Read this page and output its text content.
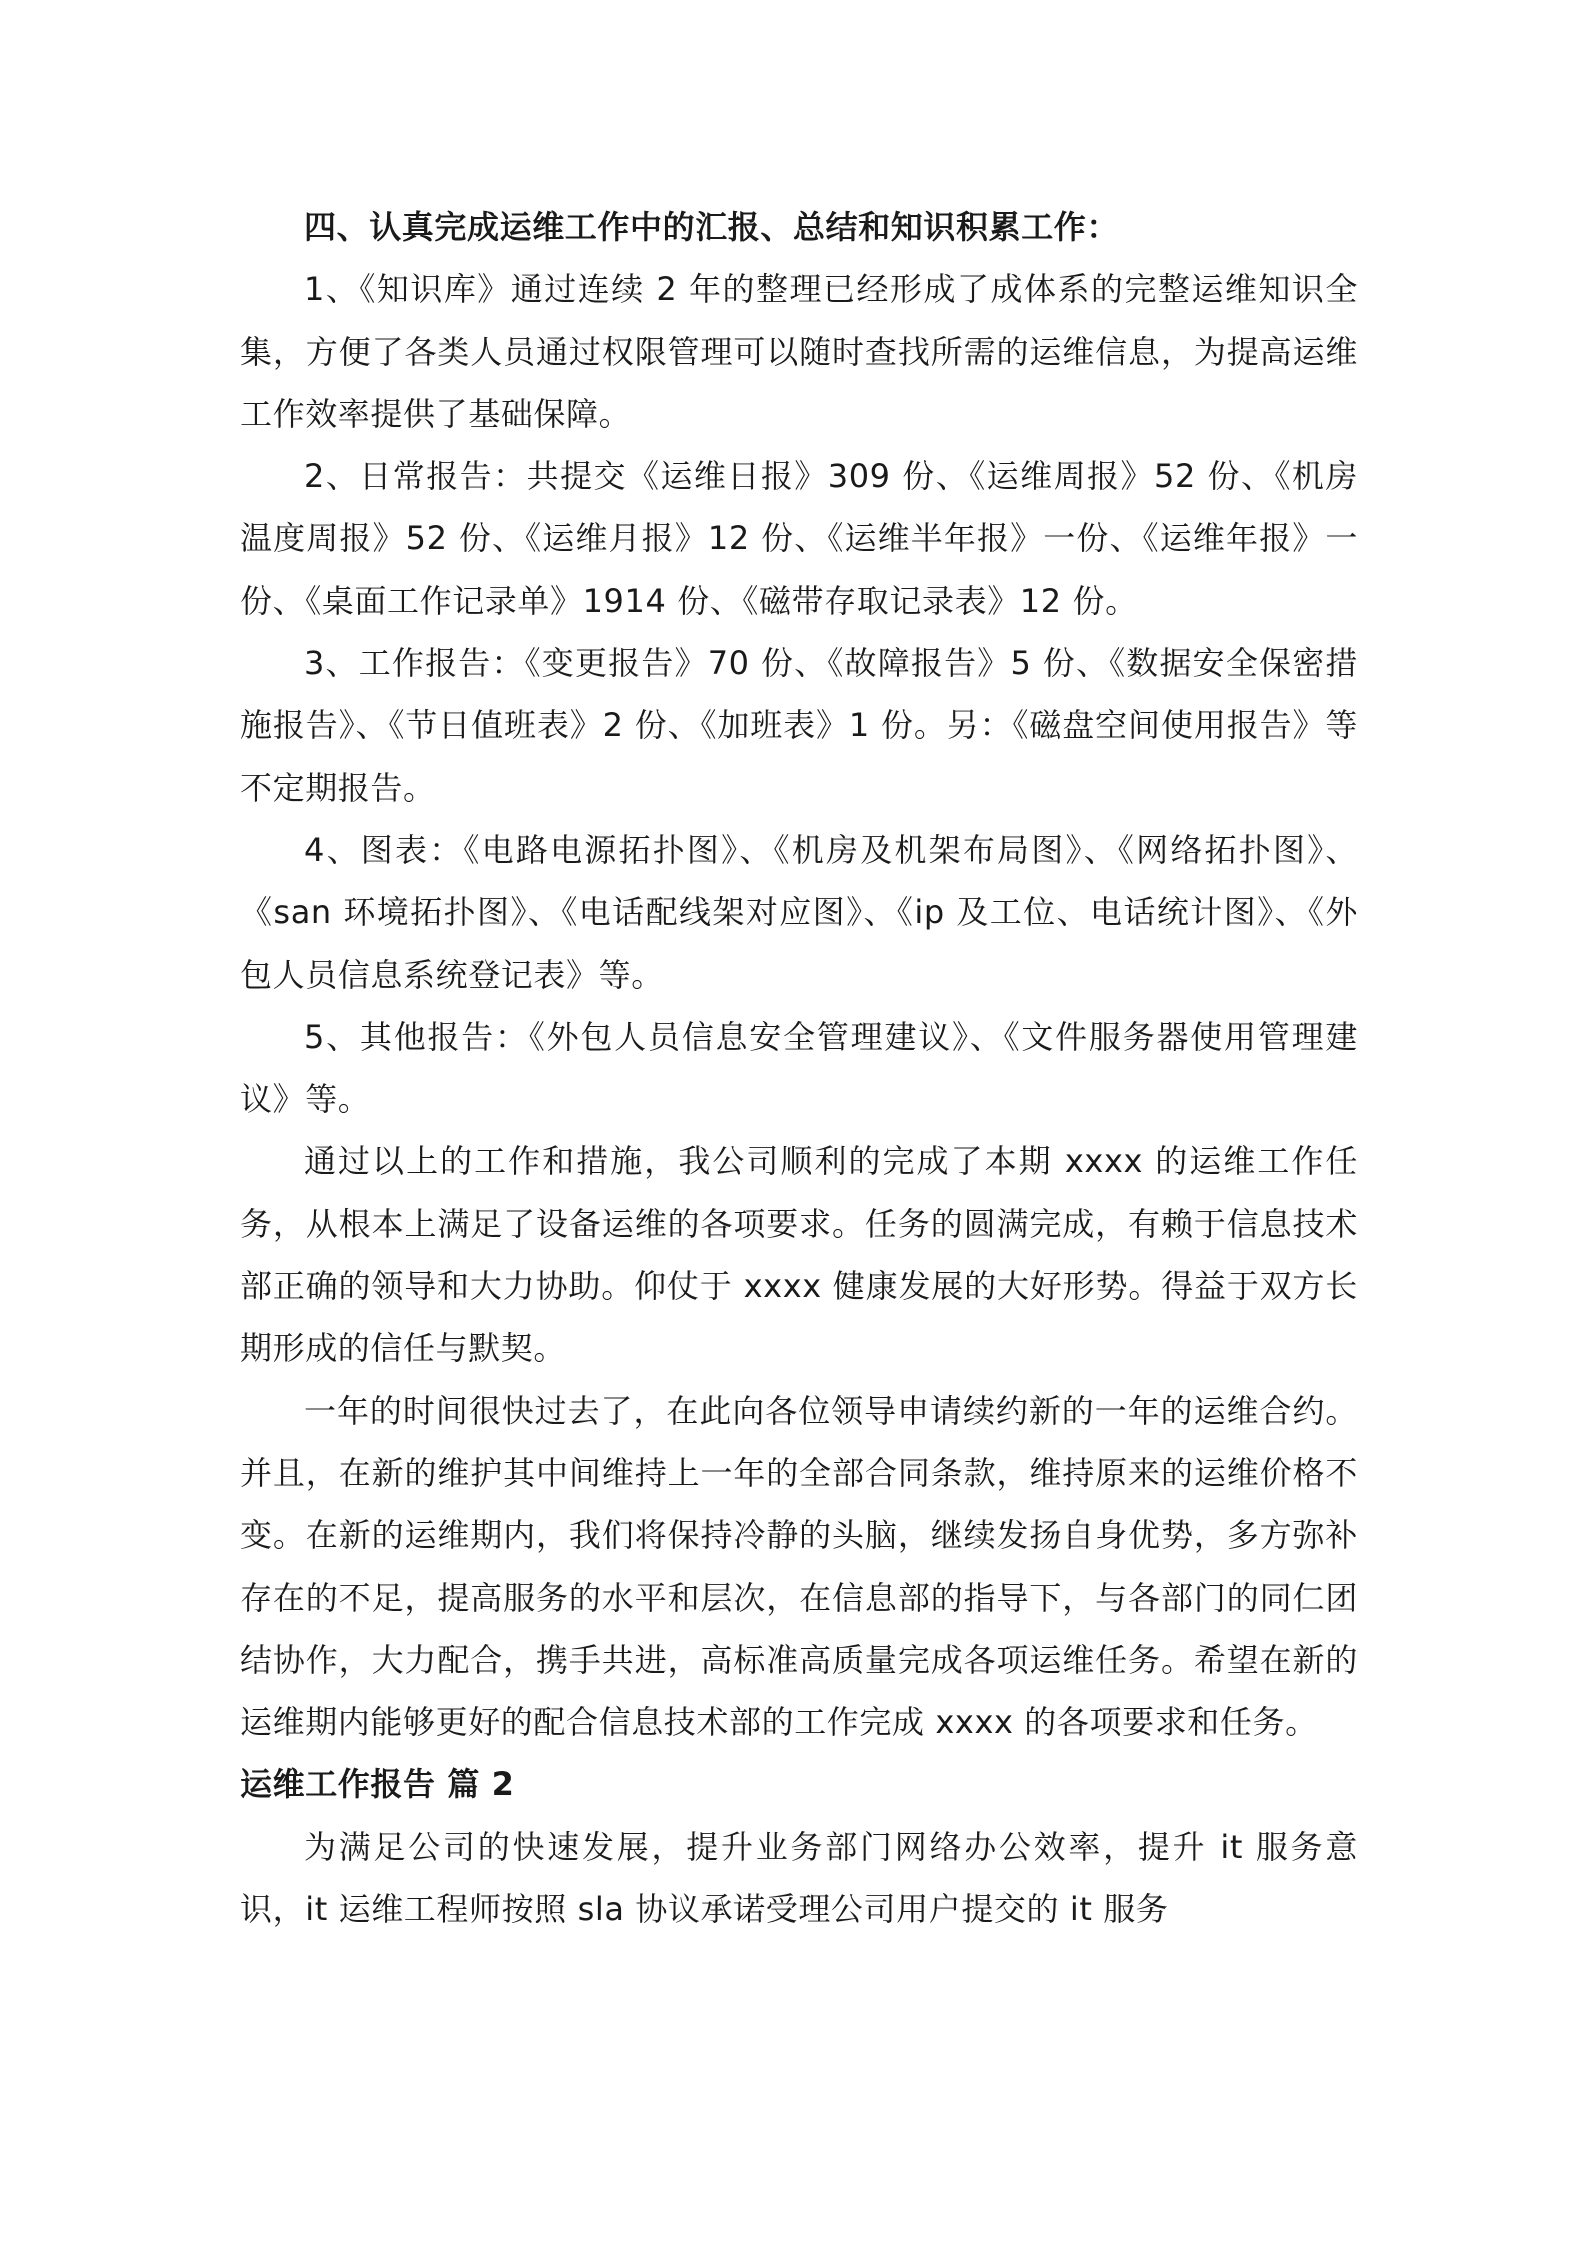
四、认真完成运维工作中的汇报、总结和知识积累工作：

1、《知识库》通过连续 2 年的整理已经形成了成体系的完整运维知识全集，方便了各类人员通过权限管理可以随时查找所需的运维信息，为提高运维工作效率提供了基础保障。

2、日常报告：共提交《运维日报》309 份、《运维周报》52 份、《机房温度周报》52 份、《运维月报》12 份、《运维半年报》一份、《运维年报》一份、《桌面工作记录单》1914 份、《磁带存取记录表》12 份。

3、工作报告：《变更报告》70 份、《故障报告》5 份、《数据安全保密措施报告》、《节日值班表》2 份、《加班表》1 份。另：《磁盘空间使用报告》等不定期报告。

4、图表：《电路电源拓扑图》、《机房及机架布局图》、《网络拓扑图》、《san 环境拓扑图》、《电话配线架对应图》、《ip 及工位、电话统计图》、《外包人员信息系统登记表》等。

5、其他报告：《外包人员信息安全管理建议》、《文件服务器使用管理建议》等。

通过以上的工作和措施，我公司顺利的完成了本期 xxxx 的运维工作任务，从根本上满足了设备运维的各项要求。任务的圆满完成，有赖于信息技术部正确的领导和大力协助。仰仗于 xxxx 健康发展的大好形势。得益于双方长期形成的信任与默契。

一年的时间很快过去了，在此向各位领导申请续约新的一年的运维合约。并且，在新的维护其中间维持上一年的全部合同条款，维持原来的运维价格不变。在新的运维期内，我们将保持冷静的头脑，继续发扬自身优势，多方弥补存在的不足，提高服务的水平和层次，在信息部的指导下，与各部门的同仁团结协作，大力配合，携手共进，高标准高质量完成各项运维任务。希望在新的运维期内能够更好的配合信息技术部的工作完成 xxxx 的各项要求和任务。

运维工作报告 篇 2

为满足公司的快速发展，提升业务部门网络办公效率，提升 it 服务意识，it 运维工程师按照 sla 协议承诺受理公司用户提交的 it 服务
